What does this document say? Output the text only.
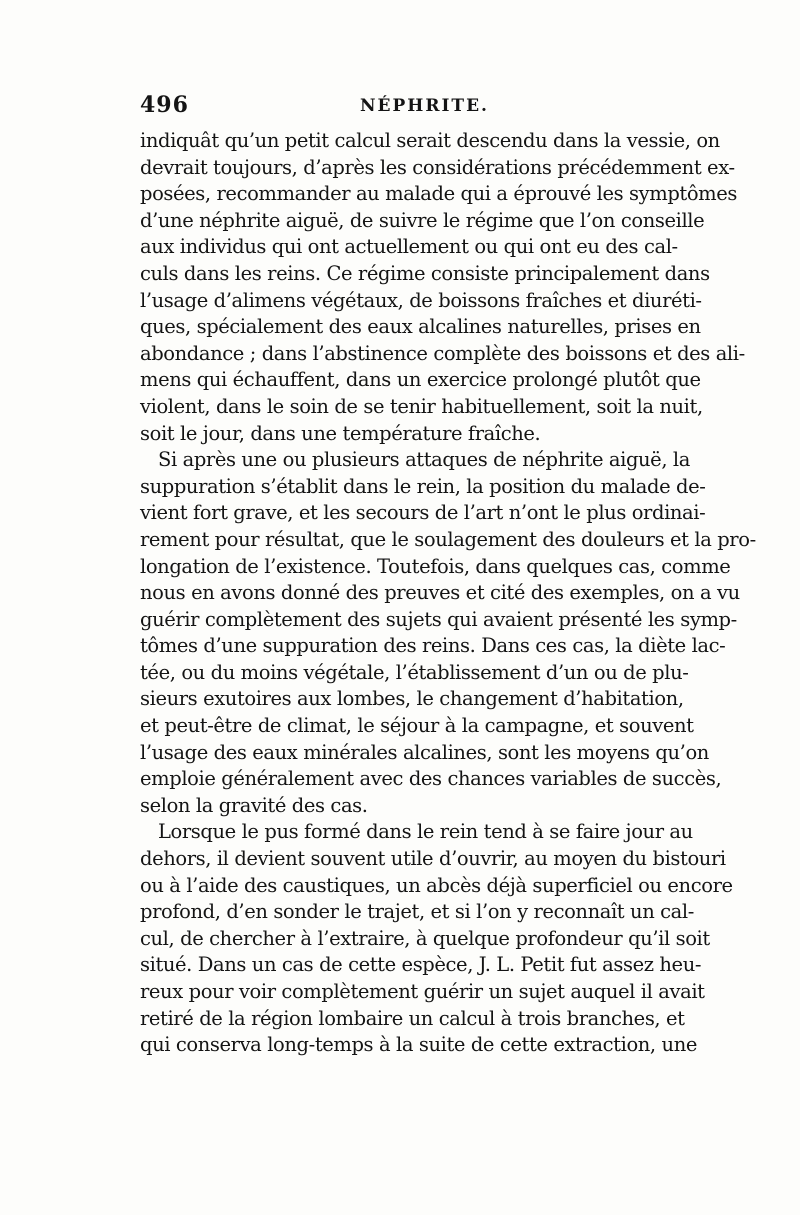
496	NÉPHRITE.
indiquât qu’un petit calcul serait descendu dans la vessie, on
devrait toujours, d’après les considérations précédemment ex-
posées, recommander au malade qui a éprouvé les symptômes
d’une néphrite aiguë, de suivre le régime que l’on conseille
aux individus qui ont actuellement ou qui ont eu des cal-
culs dans les reins. Ce régime consiste principalement dans
l’usage d’alimens végétaux, de boissons fraîches et diuréti-
ques, spécialement des eaux alcalines naturelles, prises en
abondance ; dans l’abstinence complète des boissons et des ali-
mens qui échauffent, dans un exercice prolongé plutôt que
violent, dans le soin de se tenir habituellement, soit la nuit,
soit le jour, dans une température fraîche.
Si après une ou plusieurs attaques de néphrite aiguë, la
suppuration s’établit dans le rein, la position du malade de-
vient fort grave, et les secours de l’art n’ont le plus ordinai-
rement pour résultat, que le soulagement des douleurs et la pro-
longation de l’existence. Toutefois, dans quelques cas, comme
nous en avons donné des preuves et cité des exemples, on a vu
guérir complètement des sujets qui avaient présenté les symp-
tômes d’une suppuration des reins. Dans ces cas, la diète lac-
tée, ou du moins végétale, l’établissement d’un ou de plu-
sieurs exutoires aux lombes, le changement d’habitation,
et peut-être de climat, le séjour à la campagne, et souvent
l’usage des eaux minérales alcalines, sont les moyens qu’on
emploie généralement avec des chances variables de succès,
selon la gravité des cas.
Lorsque le pus formé dans le rein tend à se faire jour au
dehors, il devient souvent utile d’ouvrir, au moyen du bistouri
ou à l’aide des caustiques, un abcès déjà superficiel ou encore
profond, d’en sonder le trajet, et si l’on y reconnaît un cal-
cul, de chercher à l’extraire, à quelque profondeur qu’il soit
situé. Dans un cas de cette espèce, J. L. Petit fut assez heu-
reux pour voir complètement guérir un sujet auquel il avait
retiré de la région lombaire un calcul à trois branches, et
qui conserva long-temps à la suite de cette extraction, une
